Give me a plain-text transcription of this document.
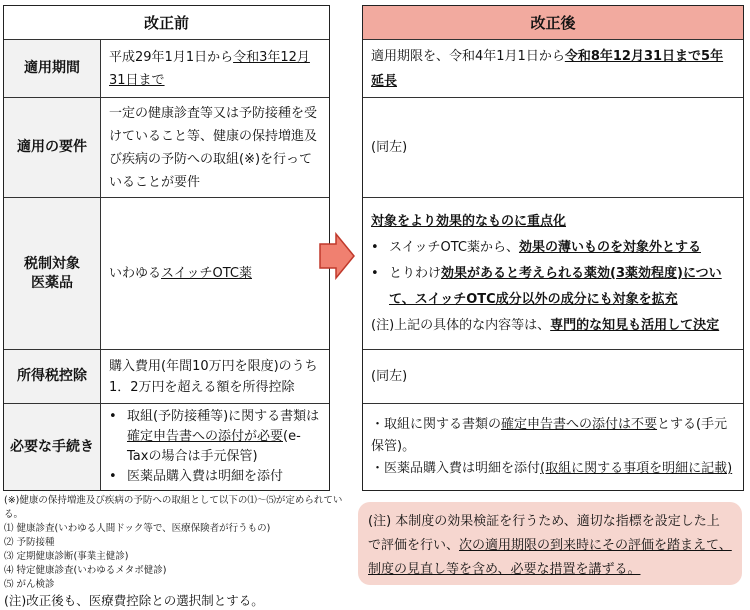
改正前
適用期間
平成29年1月1日から令和3年12月31日まで
適用の要件
一定の健康診査等又は予防接種を受けていること等、健康の保持増進及び疾病の予防への取組(※)を行っていることが要件
税制対象
医薬品
いわゆるスイッチOTC薬
所得税控除
購入費用(年間10万円を限度)のうち1．2万円を超える額を所得控除
必要な手続き
• 取組(予防接種等)に関する書類は確定申告書への添付が必要(e-Taxの場合は手元保管)
• 医薬品購入費は明細を添付
改正後
適用期限を、令和4年1月1日から令和8年12月31日まで5年延長
(同左)
対象をより効果的なものに重点化
• スイッチOTC薬から、効果の薄いものを対象外とする
• とりわけ効果があると考えられる薬効(3薬効程度)について、スイッチOTC成分以外の成分にも対象を拡充
(注)上記の具体的な内容等は、専門的な知見も活用して決定
(同左)
・取組に関する書類の確定申告書への添付は不要とする(手元保管)。
・医薬品購入費は明細を添付(取組に関する事項を明細に記載)
(※)健康の保持増進及び疾病の予防への取組として以下の⑴〜⑸が定められている。
⑴ 健康診査(いわゆる人間ドック等で、医療保険者が行うもの)
⑵ 予防接種
⑶ 定期健康診断(事業主健診)
⑷ 特定健康診査(いわゆるメタボ健診)
⑸ がん検診
(注)改正後も、医療費控除との選択制とする。
(注) 本制度の効果検証を行うため、適切な指標を設定した上で評価を行い、次の適用期限の到来時にその評価を踏まえて、制度の見直し等を含め、必要な措置を講ずる。
